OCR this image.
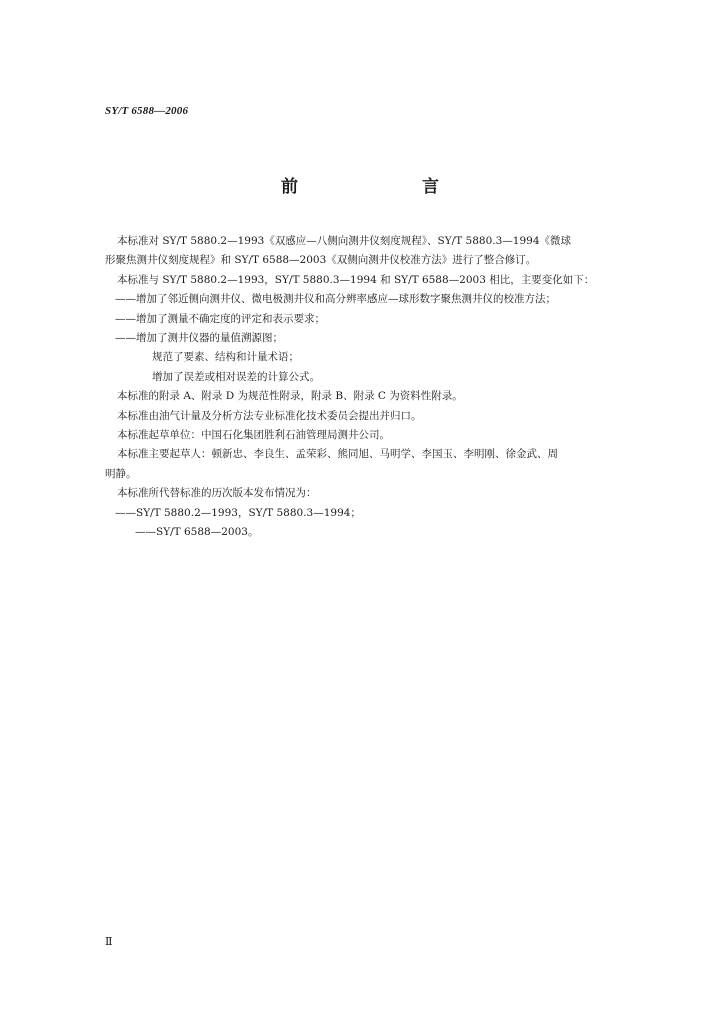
SY/T 6588—2006
前　　言
本标准对 SY/T 5880.2—1993《双感应—八侧向测井仪刻度规程》、SY/T 5880.3—1994《微球
形聚焦测井仪刻度规程》和 SY/T 6588—2003《双侧向测井仪校准方法》进行了整合修订。
本标准与 SY/T 5880.2—1993，SY/T 5880.3—1994 和 SY/T 6588—2003 相比，主要变化如下：
——增加了邻近侧向测井仪、微电极测井仪和高分辨率感应—球形数字聚焦测井仪的校准方法；
——增加了测量不确定度的评定和表示要求；
——增加了测井仪器的量值溯源图；
规范了要素、结构和计量术语；
增加了误差或相对误差的计算公式。
本标准的附录 A、附录 D 为规范性附录，附录 B、附录 C 为资料性附录。
本标准由油气计量及分析方法专业标准化技术委员会提出并归口。
本标准起草单位：中国石化集团胜利石油管理局测井公司。
本标准主要起草人：顿新忠、李良生、孟荣彩、熊同旭、马明学、李国玉、李明刚、徐金武、周
明静。
本标准所代替标准的历次版本发布情况为：
——SY/T 5880.2—1993，SY/T 5880.3—1994；
——SY/T 6588—2003。
Ⅱ
